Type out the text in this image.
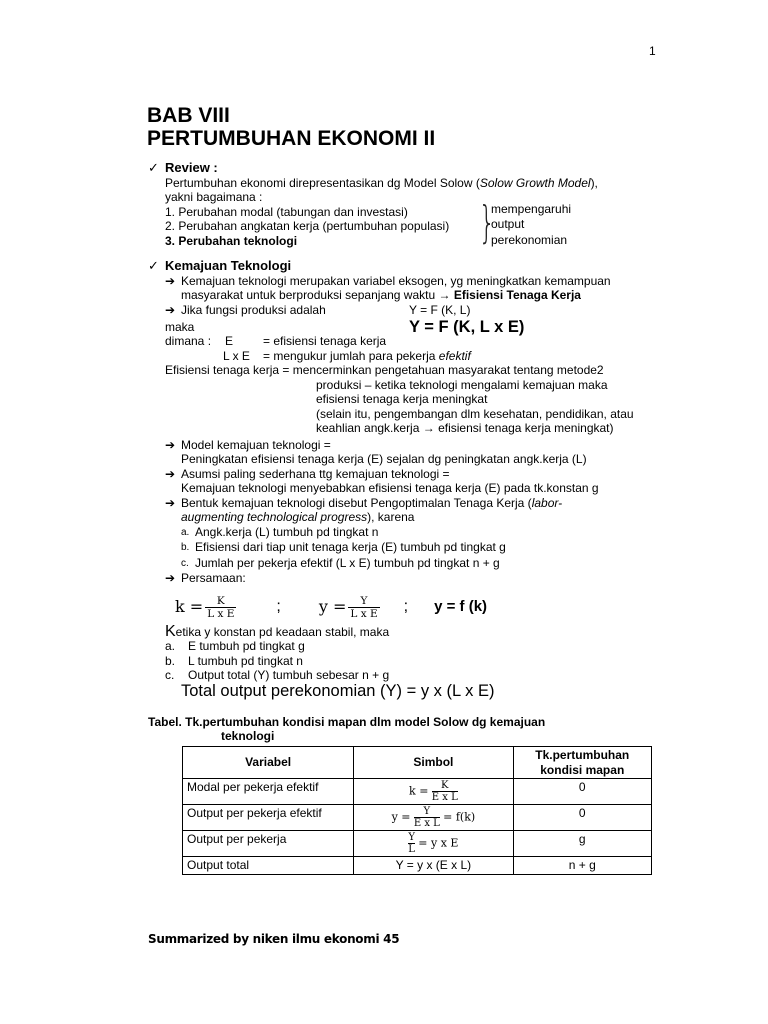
1
BAB VIII
PERTUMBUHAN EKONOMI II
✓ Review :
Pertumbuhan ekonomi direpresentasikan dg Model Solow (Solow Growth Model),
yakni bagaimana :
1. Perubahan modal (tabungan dan investasi)
2. Perubahan angkatan kerja (pertumbuhan populasi)
3. Perubahan teknologi	}
mempengaruhi
output
perekonomian
✓ Kemajuan Teknologi
➔ Kemajuan teknologi merupakan variabel eksogen, yg meningkatkan kemampuan
masyarakat untuk berproduksi sepanjang waktu → Efisiensi Tenaga Kerja
➔ Jika fungsi produksi adalah	Y = F (K, L)
maka	Y = F (K, L x E)
dimana :	E	= efisiensi tenaga kerja
L x E	= mengukur jumlah para pekerja efektif
Efisiensi tenaga kerja = mencerminkan pengetahuan masyarakat tentang metode2
produksi – ketika teknologi mengalami kemajuan maka
efisiensi tenaga kerja meningkat
(selain itu, pengembangan dlm kesehatan, pendidikan, atau
keahlian angk.kerja → efisiensi tenaga kerja meningkat)
➔ Model kemajuan teknologi =
Peningkatan efisiensi tenaga kerja (E) sejalan dg peningkatan angk.kerja (L)
➔ Asumsi paling sederhana ttg kemajuan teknologi =
Kemajuan teknologi menyebabkan efisiensi tenaga kerja (E) pada tk.konstan g
➔ Bentuk kemajuan teknologi disebut Pengoptimalan Tenaga Kerja (labor-
augmenting technological progress), karena
a. Angk.kerja (L) tumbuh pd tingkat n
b. Efisiensi dari tiap unit tenaga kerja (E) tumbuh pd tingkat g
c. Jumlah per pekerja efektif (L x E) tumbuh pd tingkat n + g
➔ Persamaan:
$k = \frac{K}{\text{L x E}}$	; $y = \frac{Y}{\text{L x E}}$ ; y = f (k)
Ketika y konstan pd keadaan stabil, maka
a.	E tumbuh pd tingkat g
b.	L tumbuh pd tingkat n
c.	Output total (Y) tumbuh sebesar n + g
Total output perekonomian (Y) = y x (L x E)
Tabel. Tk.pertumbuhan kondisi mapan dlm model Solow dg kemajuan
teknologi
Variabel	Simbol	Tk.pertumbuhan kondisi mapan
Modal per pekerja efektif	$k = \frac{K}{\text{E x L}}$	0
Output per pekerja efektif	$y = \frac{Y}{\text{E x L}} = f(k)$	0
Output per pekerja	$\frac{Y}{L} = y$ x E	g
Output total	Y = y x (E x L)	n + g
Summarized by niken ilmu ekonomi 45
